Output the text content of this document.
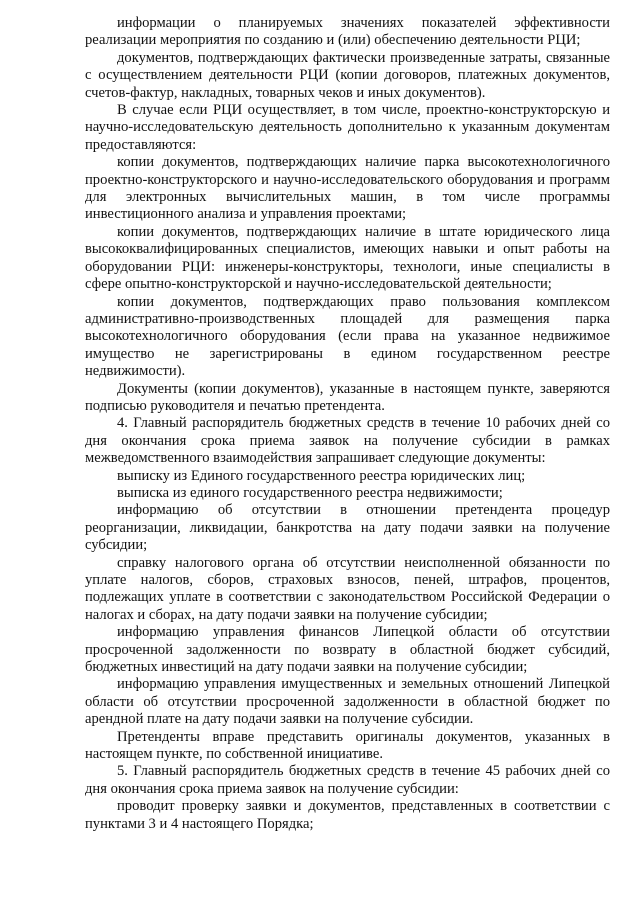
информации о планируемых значениях показателей эффективности реализации мероприятия по созданию и (или) обеспечению деятельности РЦИ;

документов, подтверждающих фактически произведенные затраты, связанные с осуществлением деятельности РЦИ (копии договоров, платежных документов, счетов-фактур, накладных, товарных чеков и иных документов).

В случае если РЦИ осуществляет, в том числе, проектно-конструкторскую и научно-исследовательскую деятельность дополнительно к указанным документам предоставляются:

копии документов, подтверждающих наличие парка высокотехнологичного проектно-конструкторского и научно-исследовательского оборудования и программ для электронных вычислительных машин, в том числе программы инвестиционного анализа и управления проектами;

копии документов, подтверждающих наличие в штате юридического лица высококвалифицированных специалистов, имеющих навыки и опыт работы на оборудовании РЦИ: инженеры-конструкторы, технологи, иные специалисты в сфере опытно-конструкторской и научно-исследовательской деятельности;

копии документов, подтверждающих право пользования комплексом административно-производственных площадей для размещения парка высокотехнологичного оборудования (если права на указанное недвижимое имущество не зарегистрированы в едином государственном реестре недвижимости).

Документы (копии документов), указанные в настоящем пункте, заверяются подписью руководителя и печатью претендента.

4. Главный распорядитель бюджетных средств в течение 10 рабочих дней со дня окончания срока приема заявок на получение субсидии в рамках межведомственного взаимодействия запрашивает следующие документы:

выписку из Единого государственного реестра юридических лиц;

выписка из единого государственного реестра недвижимости;

информацию об отсутствии в отношении претендента процедур реорганизации, ликвидации, банкротства на дату подачи заявки на получение субсидии;

справку налогового органа об отсутствии неисполненной обязанности по уплате налогов, сборов, страховых взносов, пеней, штрафов, процентов, подлежащих уплате в соответствии с законодательством Российской Федерации о налогах и сборах, на дату подачи заявки на получение субсидии;

информацию управления финансов Липецкой области об отсутствии просроченной задолженности по возврату в областной бюджет субсидий, бюджетных инвестиций на дату подачи заявки на получение субсидии;

информацию управления имущественных и земельных отношений Липецкой области об отсутствии просроченной задолженности в областной бюджет по арендной плате на дату подачи заявки на получение субсидии.

Претенденты вправе представить оригиналы документов, указанных в настоящем пункте, по собственной инициативе.

5. Главный распорядитель бюджетных средств в течение 45 рабочих дней со дня окончания срока приема заявок на получение субсидии:

проводит проверку заявки и документов, представленных в соответствии с пунктами 3 и 4 настоящего Порядка;
